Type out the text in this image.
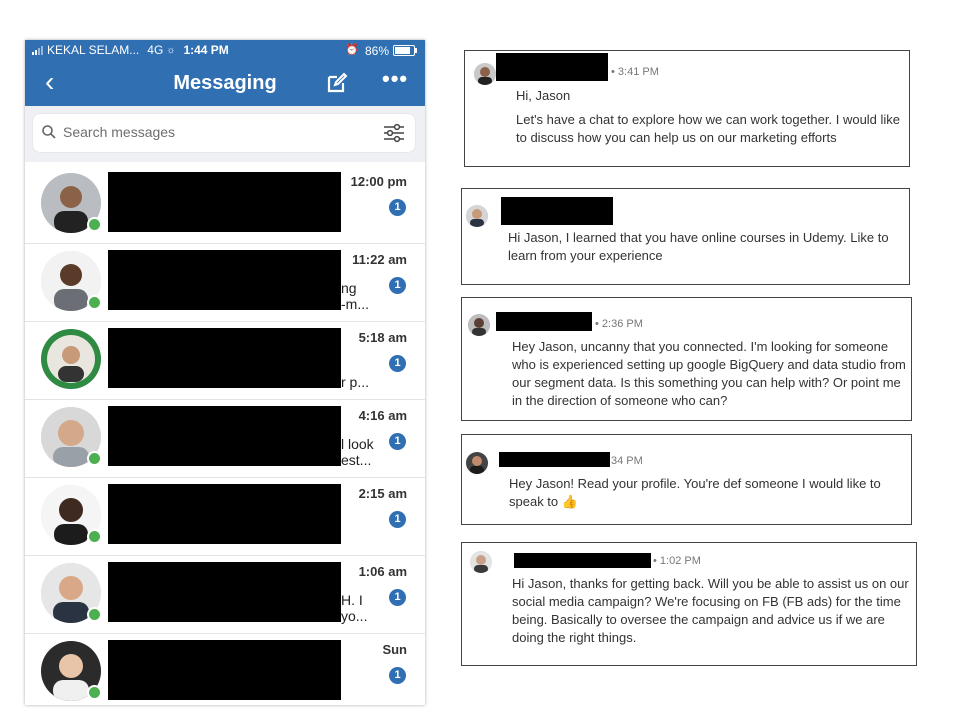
KEKAL SELAM... 4G ☼ 1:44 PM	⏰ 86%
‹	Messaging	•••
Search messages
12:00 pm
1
ng
-m...
11:22 am
1
r p...
5:18 am
1
l look
est...
4:16 am
1
2:15 am
1
H. I
yo...
1:06 am
1
Sun
1
• 3:41 PM

Hi, Jason

Let's have a chat to explore how we can work together. I would like to discuss how you can help us on our marketing efforts

Hi Jason, I learned that you have online courses in Udemy. Like to learn from your experience

• 2:36 PM

Hey Jason, uncanny that you connected. I'm looking for someone who is experienced setting up google BigQuery and data studio from our segment data. Is this something you can help with? Or point me in the direction of someone who can?

34 PM

Hey Jason! Read your profile. You're def someone I would like to speak to 👍

• 1:02 PM

Hi Jason, thanks for getting back. Will you be able to assist us on our social media campaign? We're focusing on FB (FB ads) for the time being. Basically to oversee the campaign and advice us if we are doing the right things.
